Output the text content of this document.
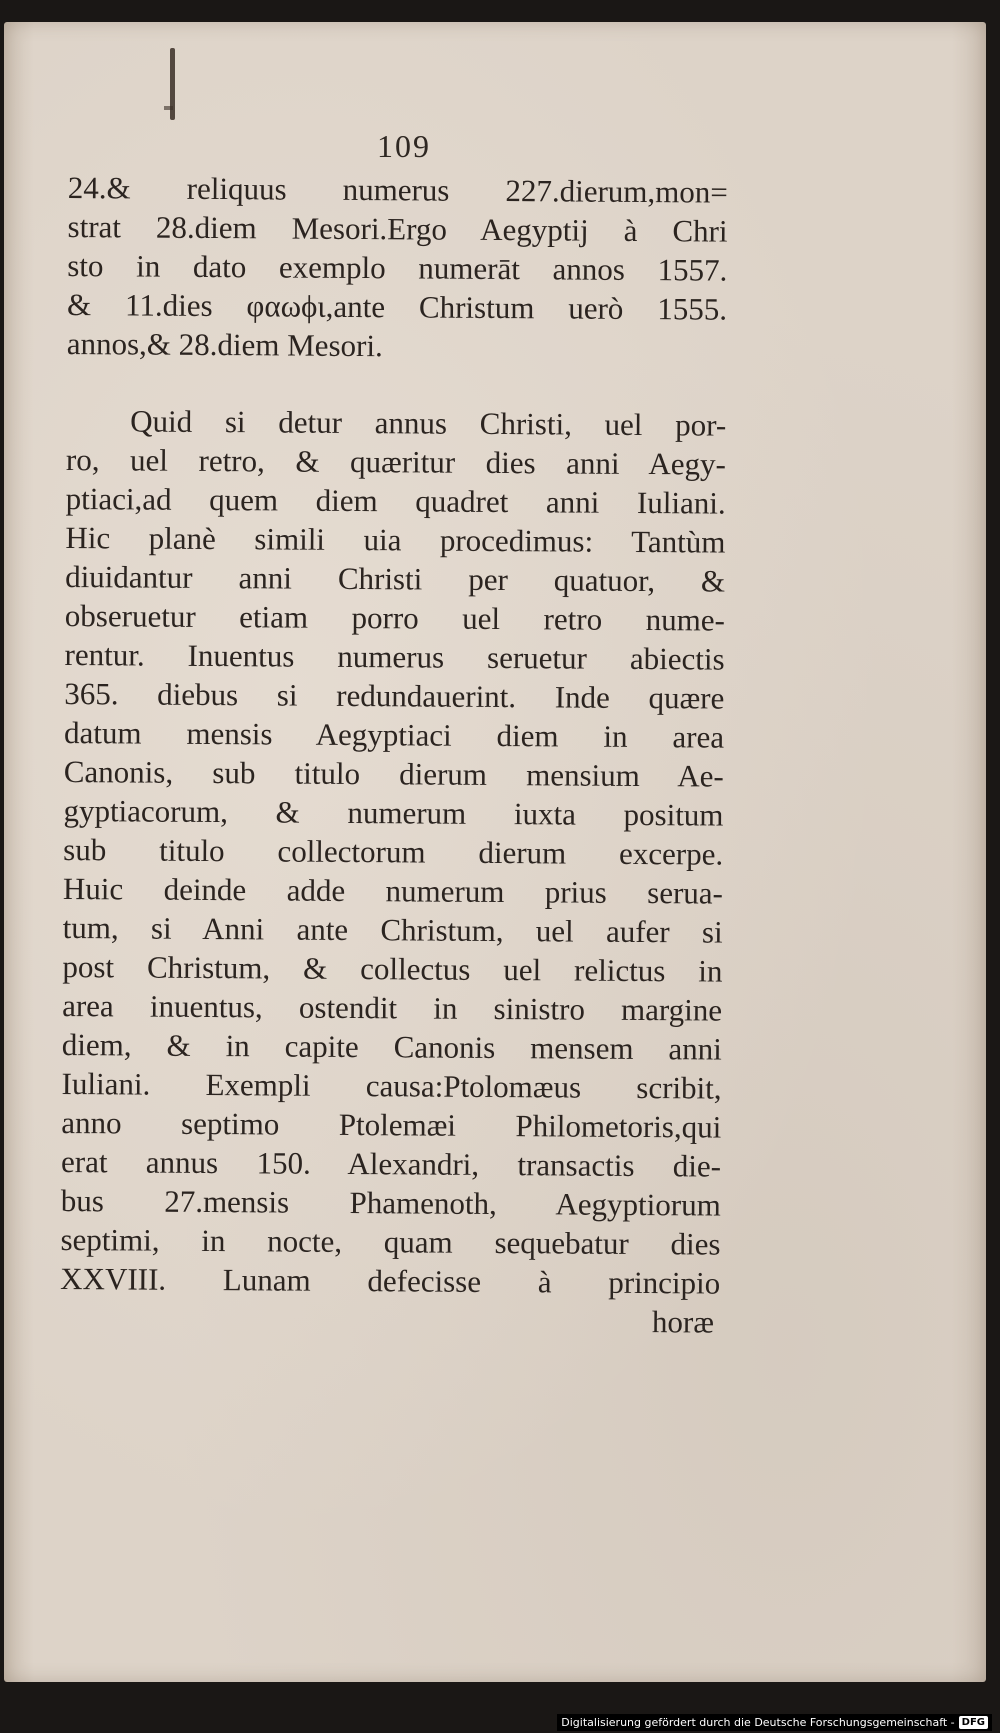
109
24.& reliquus numerus 227.dierum,mon=
strat 28.diem Mesori.Ergo Aegyptij à Chri
sto in dato exemplo numerāt annos 1557.
& 11.dies φαωϕι,ante Christum uerò 1555.
annos,& 28.diem Mesori.
Quid si detur annus Christi, uel por-
ro, uel retro, & quæritur dies anni Aegy-
ptiaci,ad quem diem quadret anni Iuliani.
Hic planè simili uia procedimus: Tantùm
diuidantur anni Christi per quatuor, &
obseruetur etiam porro uel retro nume-
rentur. Inuentus numerus seruetur abiectis
365. diebus si redundauerint. Inde quære
datum mensis Aegyptiaci diem in area
Canonis, sub titulo dierum mensium Ae-
gyptiacorum, & numerum iuxta positum
sub titulo collectorum dierum excerpe.
Huic deinde adde numerum prius serua-
tum, si Anni ante Christum, uel aufer si
post Christum, & collectus uel relictus in
area inuentus, ostendit in sinistro margine
diem, & in capite Canonis mensem anni
Iuliani. Exempli causa:Ptolomæus scribit,
anno septimo Ptolemæi Philometoris,qui
erat annus 150. Alexandri, transactis die-
bus 27.mensis Phamenoth, Aegyptiorum
septimi, in nocte, quam sequebatur dies
XXVIII. Lunam defecisse à principio
horæ
Digitalisierung gefördert durch die Deutsche Forschungsgemeinschaft - DFG
